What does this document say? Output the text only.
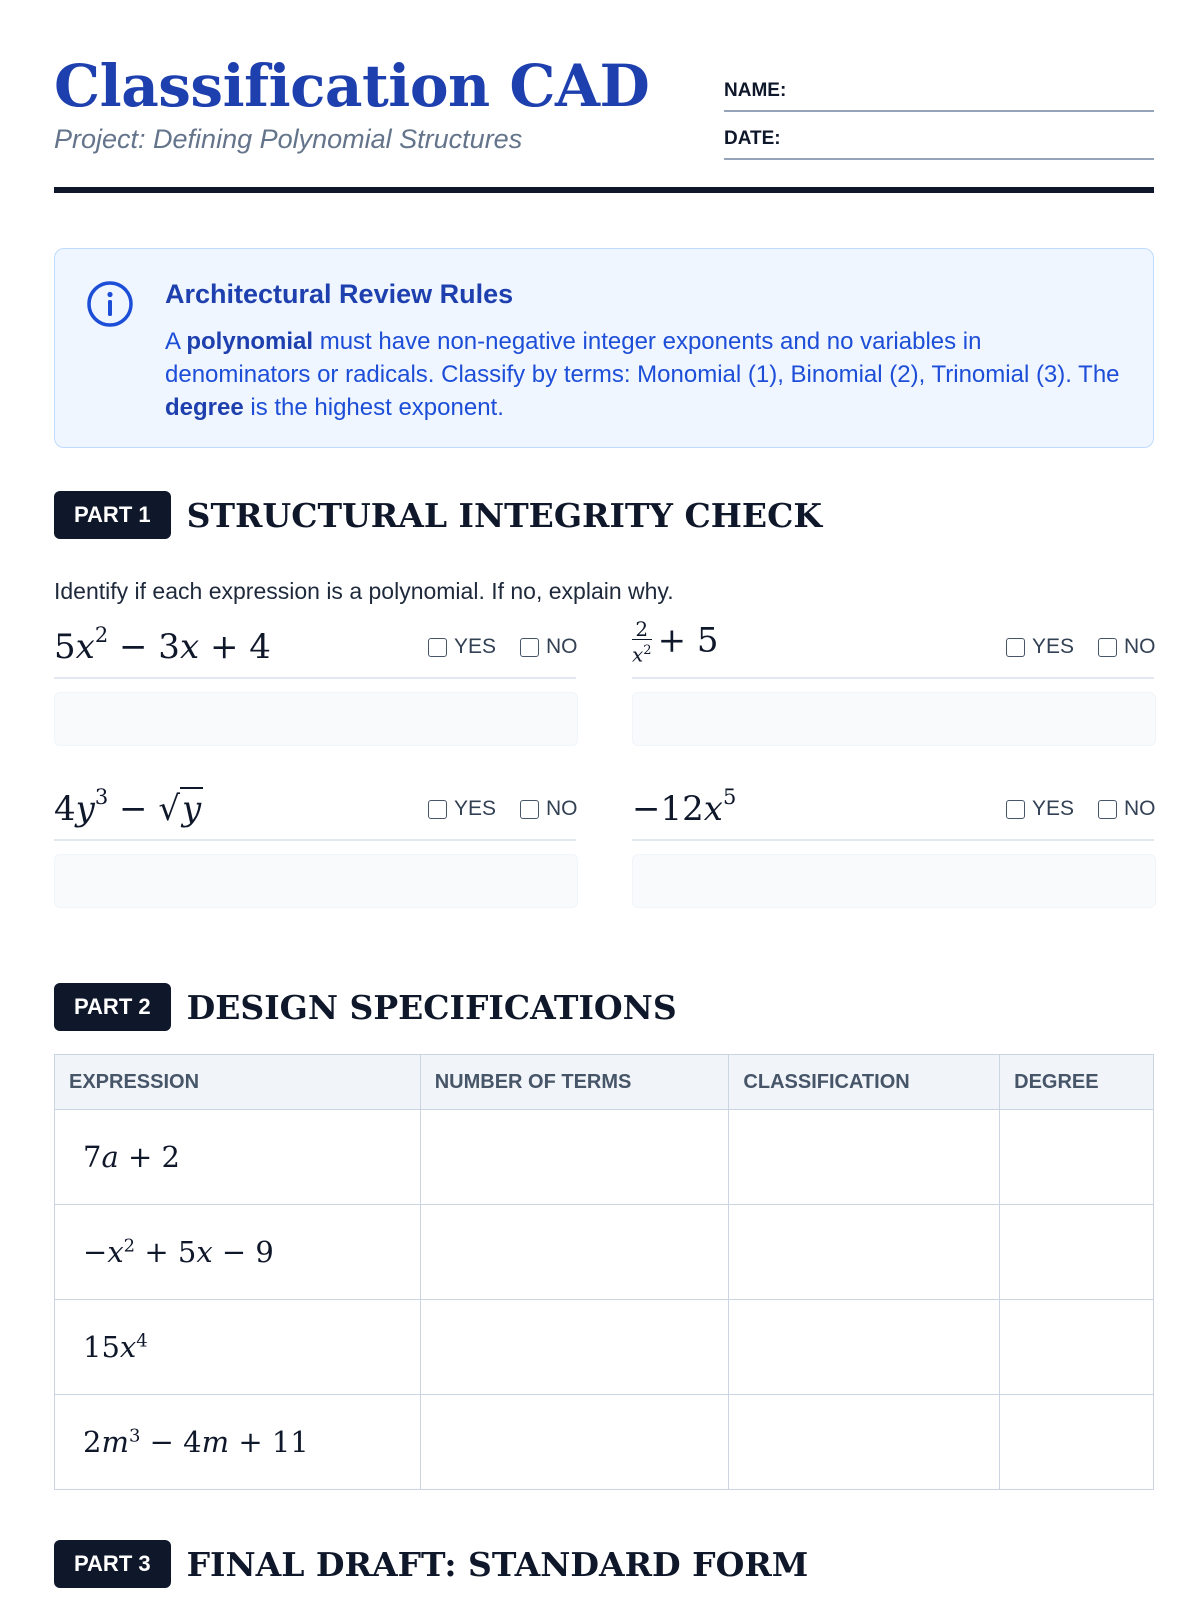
Classification CAD
Project: Defining Polynomial Structures
NAME:
DATE:
Architectural Review Rules
A polynomial must have non-negative integer exponents and no variables in denominators or radicals. Classify by terms: Monomial (1), Binomial (2), Trinomial (3). The degree is the highest exponent.
PART 1	STRUCTURAL INTEGRITY CHECK
Identify if each expression is a polynomial. If no, explain why.
$5x^2 - 3x + 4$	YES NO	$\frac{2}{x^2} + 5$	YES NO
$4y^3 - √y$	YES NO $-12x^5$	YES NO
PART 2	DESIGN SPECIFICATIONS
EXPRESSION	NUMBER OF TERMS	CLASSIFICATION	DEGREE
7a + 2			
$-x^2 + 5x - 9$			
$15x^4$			
$2m^3 - 4m + 11$			
PART 3	FINAL DRAFT: STANDARD FORM
